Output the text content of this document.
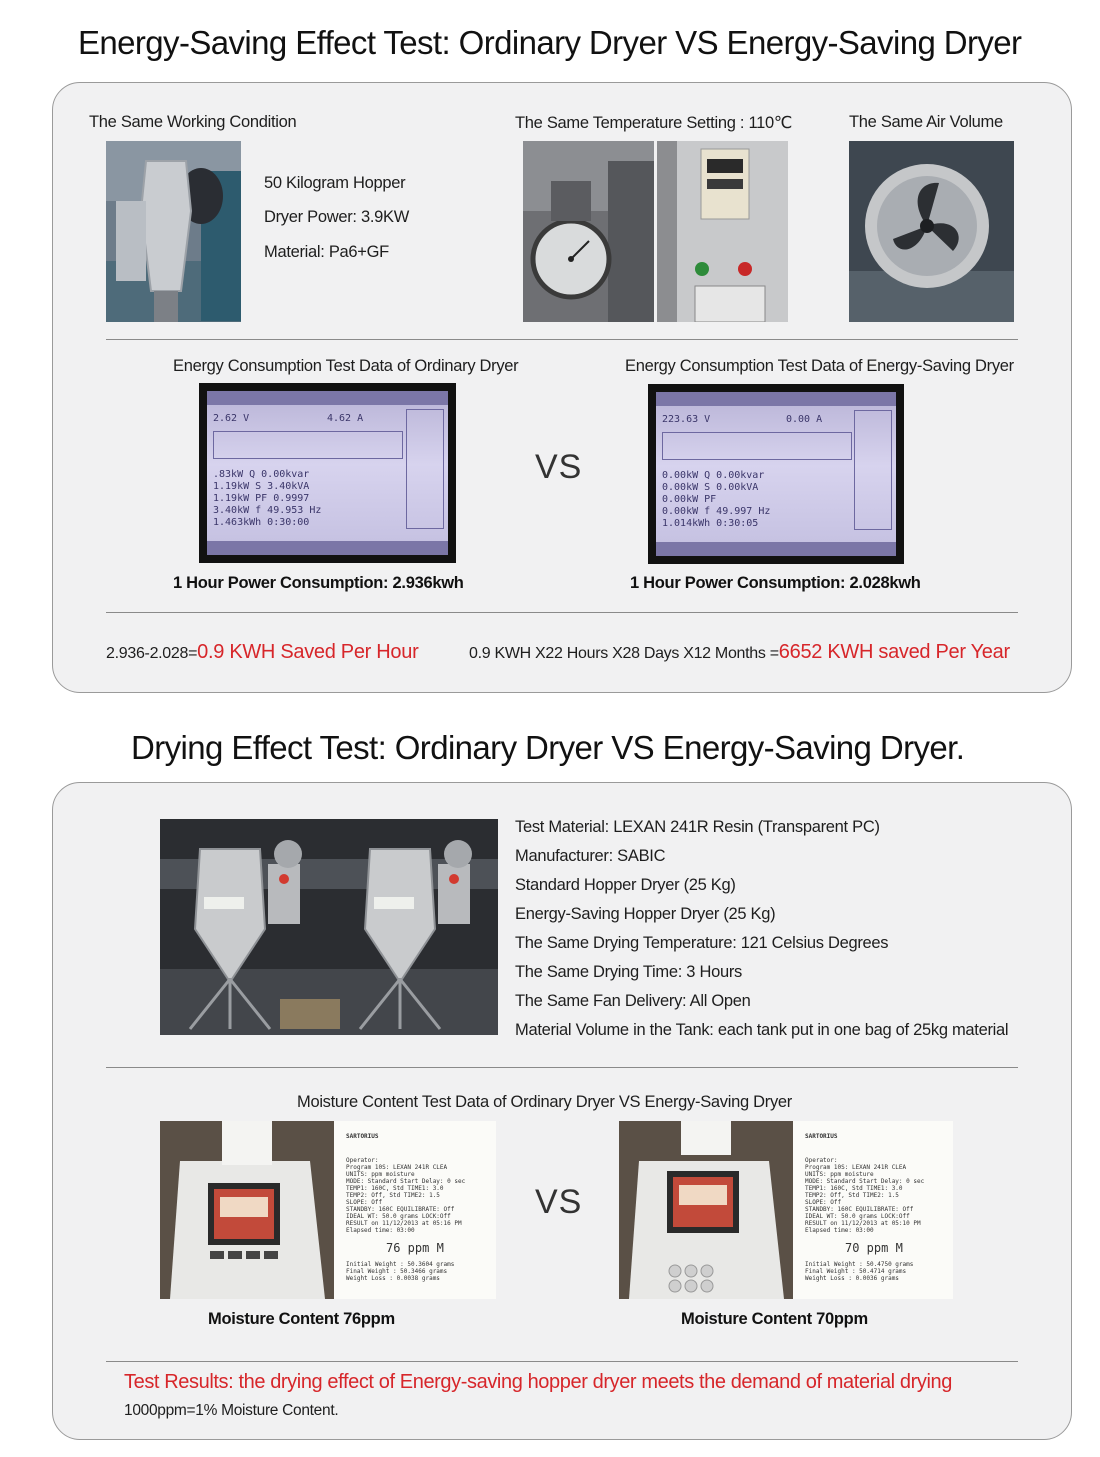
Energy-Saving Effect Test: Ordinary Dryer VS Energy-Saving Dryer
The Same Working Condition
50 Kilogram Hopper
Dryer Power: 3.9KW
Material: Pa6+GF
The Same Temperature Setting : 110℃	The Same Air Volume
Energy Consumption Test Data of Ordinary Dryer	Energy Consumption Test Data of Energy-Saving Dryer
2.62 V	4.62 A
.83kW Q 0.00kvar
1.19kW S 3.40kVA
1.19kW PF 0.9997
3.40kW f 49.953 Hz
1.463kWh 0:30:00
VS
223.63 V	0.00 A
0.00kW Q 0.00kvar
0.00kW S 0.00kVA
0.00kW PF
0.00kW f 49.997 Hz
1.014kWh 0:30:05
1 Hour Power Consumption: 2.936kwh	1 Hour Power Consumption: 2.028kwh
2.936-2.028=0.9 KWH Saved Per Hour	0.9 KWH X22 Hours X28 Days X12 Months =6652 KWH saved Per Year
Drying Effect Test: Ordinary Dryer VS Energy-Saving Dryer.
Test Material: LEXAN 241R Resin (Transparent PC)
Manufacturer: SABIC
Standard Hopper Dryer (25 Kg)
Energy-Saving Hopper Dryer (25 Kg)
The Same Drying Temperature: 121 Celsius Degrees
The Same Drying Time: 3 Hours
The Same Fan Delivery: All Open
Material Volume in the Tank: each tank put in one bag of 25kg material
Moisture Content Test Data of Ordinary Dryer VS Energy-Saving Dryer
SARTORIUS
Operator:
Program 10S: LEXAN 241R CLEA
UNITS: ppm moisture
MODE: Standard Start Delay: 0 sec
TEMP1: 160C, Std TIME1: 3.0
TEMP2: Off, Std TIME2: 1.5
SLOPE: Off
STANDBY: 160C EQUILIBRATE: Off
IDEAL WT: 50.0 grams LOCK:Off
RESULT on 11/12/2013 at 05:16 PM
Elapsed time: 03:00
76 ppm M
Initial Weight : 50.3604 grams
Final Weight : 50.3466 grams
Weight Loss : 0.0038 grams
VS
SARTORIUS
Operator:
Program 10S: LEXAN 241R CLEA
UNITS: ppm moisture
MODE: Standard Start Delay: 0 sec
TEMP1: 160C, Std TIME1: 3.0
TEMP2: Off, Std TIME2: 1.5
SLOPE: Off
STANDBY: 160C EQUILIBRATE: Off
IDEAL WT: 50.0 grams LOCK:Off
RESULT on 11/12/2013 at 05:10 PM
Elapsed time: 03:00
70 ppm M
Initial Weight : 50.4750 grams
Final Weight : 50.4714 grams
Weight Loss : 0.0036 grams
Moisture Content 76ppm	Moisture Content 70ppm
Test Results: the drying effect of Energy-saving hopper dryer meets the demand of material drying
1000ppm=1% Moisture Content.
